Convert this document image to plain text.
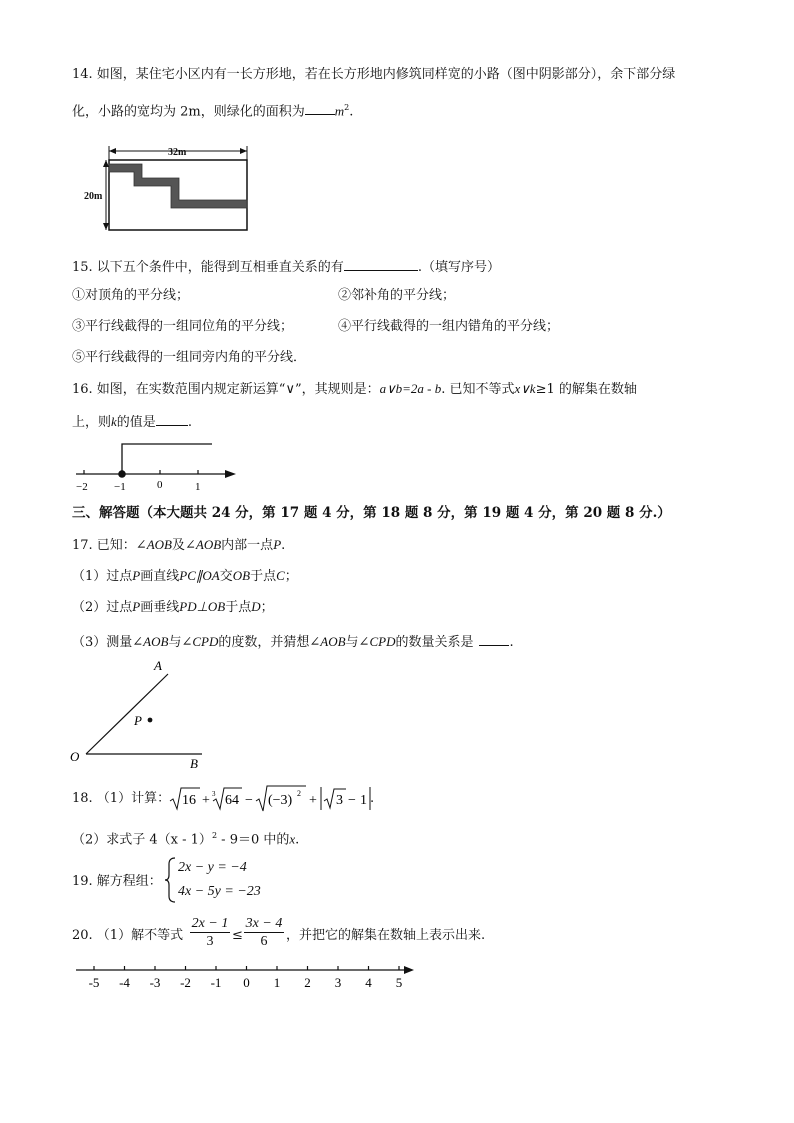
14. 如图，某住宅小区内有一长方形地，若在长方形地内修筑同样宽的小路（图中阴影部分），余下部分绿
化，小路的宽均为 2m，则绿化的面积为 $m^2$.
32m
20m
15. 以下五个条件中，能得到互相垂直关系的有	.（填写序号）
①对顶角的平分线；	②邻补角的平分线；
③平行线截得的一组同位角的平分线；	④平行线截得的一组内错角的平分线；
⑤平行线截得的一组同旁内角的平分线．
16. 如图，在实数范围内规定新运算“∨”，其规则是：a∨b=2a - b. 已知不等式x∨k≥1 的解集在数轴
上，则k的值是 .
−2 −1	0	1
三、解答题（本大题共 24 分，第 17 题 4 分，第 18 题 8 分，第 19 题 4 分，第 20 题 8 分.）
17. 已知：∠AOB及∠AOB内部一点P.
（1）过点P画直线PC∥OA交OB于点C；
（2）过点P画垂线PD⊥OB于点D；
（3）测量∠AOB与∠CPD的度数，并猜想∠AOB与∠CPD的数量关系是	.
A
P
O	B
18. （1）计算： 16 + 3 64 − (−3) 2 + 3 − 1 .
（2）求式子 4（x - 1）$^2$ - 9＝0 中的x.
19. 解方程组：
2x − y = −4
4x − 5y = −23
20. （1）解不等式 $\frac{2x - 1}{3} \le \frac{3x - 4}{6}$ ，并把它的解集在数轴上表示出来.
-5 -4 -3 -2 -1 0 1 2 3 4 5
